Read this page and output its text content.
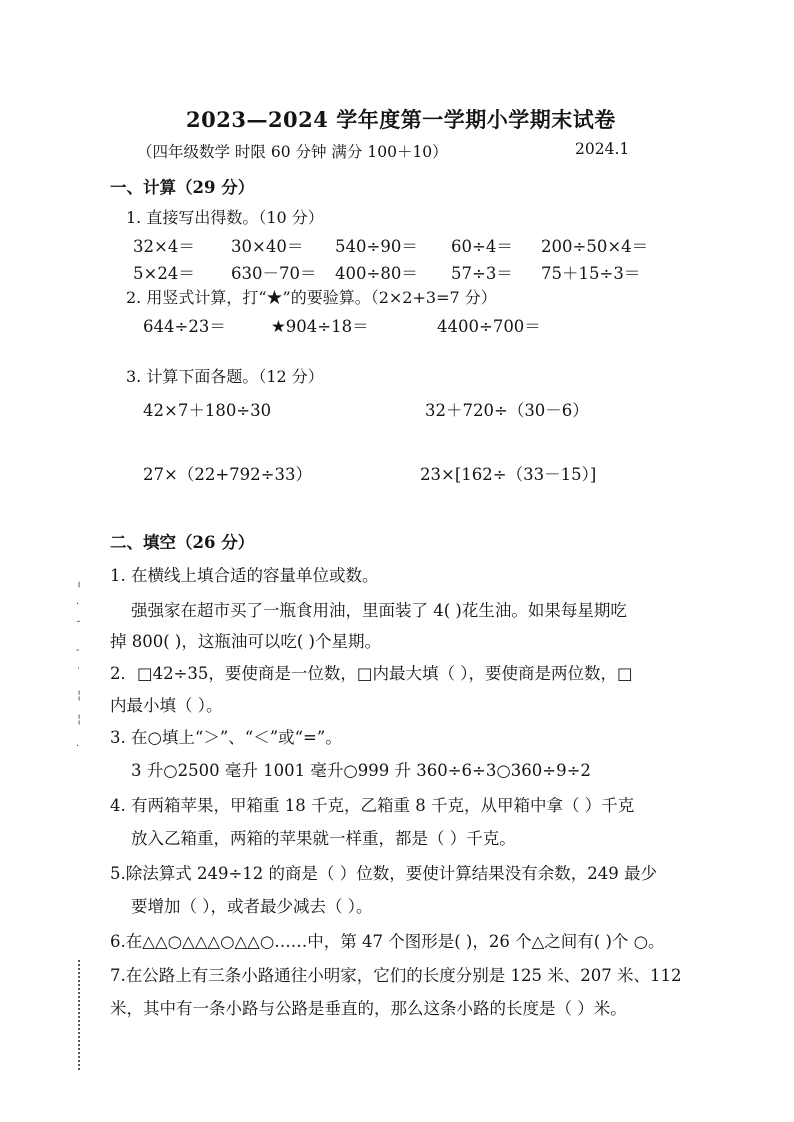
2023—2024 学年度第一学期小学期末试卷
（四年级数学 时限 60 分钟 满分 100＋10）	2024.1
一、计算（29 分）
1. 直接写出得数。（10 分）
32×4＝ 30×40＝ 540÷90＝ 60÷4＝ 200÷50×4＝
5×24＝ 630－70＝ 400÷80＝ 57÷3＝ 75＋15÷3＝
2. 用竖式计算，打“★”的要验算。（2×2+3=7 分）
644÷23＝	★904÷18＝	4400÷700＝
3. 计算下面各题。（12 分）
42×7＋180÷30	32＋720÷（30－6）
27×（22+792÷33）	23×[162÷（33－15）]
二、填空（26 分）
1. 在横线上填合适的容量单位或数。
强强家在超市买了一瓶食用油，里面装了 4( )花生油。如果每星期吃
掉 800( )，这瓶油可以吃( )个星期。
2．□42÷35，要使商是一位数，□内最大填（ ），要使商是两位数，□
内最小填（ ）。
3. 在○填上“＞”、“＜”或“=”。
3 升○2500 毫升 1001 毫升○999 升 360÷6÷3○360÷9÷2
4. 有两箱苹果，甲箱重 18 千克，乙箱重 8 千克，从甲箱中拿（ ）千克
放入乙箱重，两箱的苹果就一样重，都是（ ）千克。
5.除法算式 249÷12 的商是（ ）位数，要使计算结果没有余数，249 最少
要增加（ ），或者最少减去（ ）。
6.在△△○△△△○△△○……中，第 47 个图形是( )，26 个△之间有( )个 ○。
7.在公路上有三条小路通往小明家，它们的长度分别是 125 米、207 米、112
米，其中有一条小路与公路是垂直的，那么这条小路的长度是（ ）米。
╷
·
˘
-
˙
╎
╎
·
